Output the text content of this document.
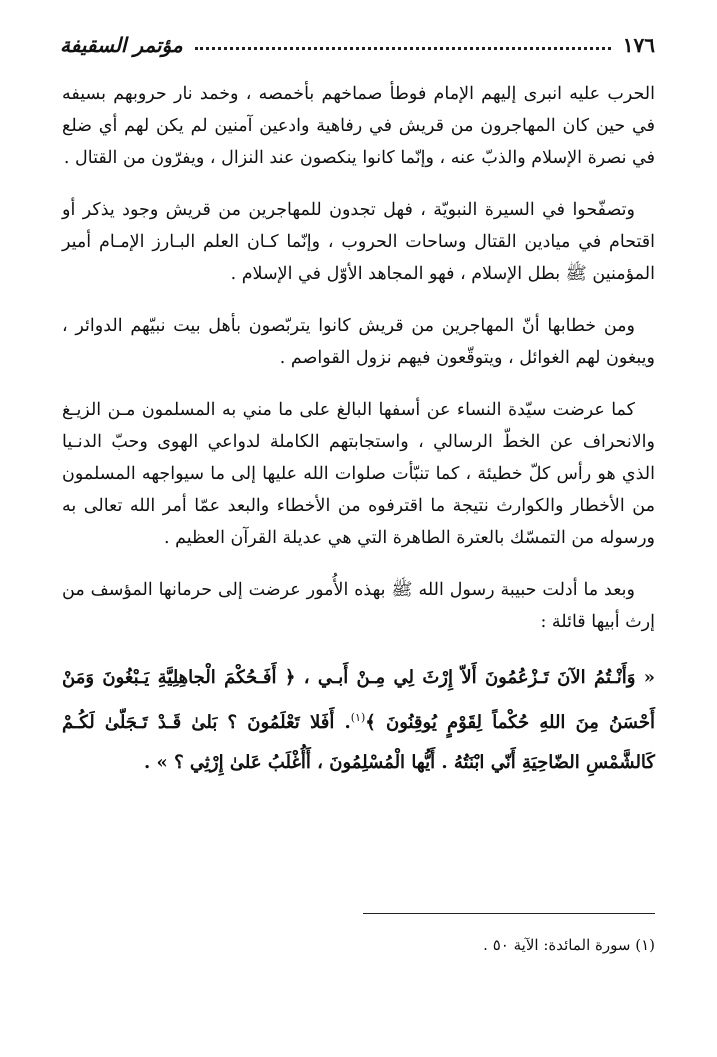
١٧٦
مؤتمر السقيفة

الحرب عليه انبرى إليهم الإمام فوطأ صماخهم بأخمصه ، وخمد نار حروبهم بسيفه في حين كان المهاجرون من قريش في رفاهية وادعين آمنين لم يكن لهم أي ضلع في نصرة الإسلام والذبّ عنه ، وإنّما كانوا ينكصون عند النزال ، ويفرّون من القتال .

وتصفّحوا في السيرة النبويّة ، فهل تجدون للمهاجرين من قريش وجود يذكر أو اقتحام في ميادين القتال وساحات الحروب ، وإنّما كـان العلم البـارز الإمـام أمير المؤمنين ﷺ بطل الإسلام ، فهو المجاهد الأوّل في الإسلام .

ومن خطابها أنّ المهاجرين من قريش كانوا يتربّصون بأهل بيت نبيّهم الدوائر ، ويبغون لهم الغوائل ، ويتوقّعون فيهم نزول القواصم .

كما عرضت سيّدة النساء عن أسفها البالغ على ما مني به المسلمون مـن الزيـغ والانحراف عن الخطّ الرسالي ، واستجابتهم الكاملة لدواعي الهوى وحبّ الدنـيا الذي هو رأس كلّ خطيئة ، كما تنبّأت صلوات الله عليها إلى ما سيواجهه المسلمون من الأخطار والكوارث نتيجة ما اقترفوه من الأخطاء والبعد عمّا أمر الله تعالى به ورسوله من التمسّك بالعترة الطاهرة التي هي عديلة القرآن العظيم .

وبعد ما أدلت حبيبة رسول الله ﷺ بهذه الأُمور عرضت إلى حرمانها المؤسف من إرث أبيها قائلة :

« وَأَنْـتُمُ الآنَ تَـزْعُمُونَ أَلاّ إِرْثَ لِي مِـنْ أَبـي ، ﴿ أَفَـحُكْمَ الْجاهِلِيَّةِ يَـبْغُونَ وَمَنْ أَحْسَنُ مِنَ اللهِ حُكْماً لِقَوْمٍ يُوقِنُونَ ﴾$^{(١)}$. أَفَلا تَعْلَمُونَ ؟ بَلىٰ قَـدْ تَـجَلّىٰ لَكُـمْ كَالشَّمْسِ الضّاحِيَةِ أَنّي ابْنَتُهُ . أَيُّها الْمُسْلِمُونَ ، أَأُغْلَبُ عَلىٰ إِرْثِي ؟ » .

(١) سورة المائدة: الآية ٥٠ .
